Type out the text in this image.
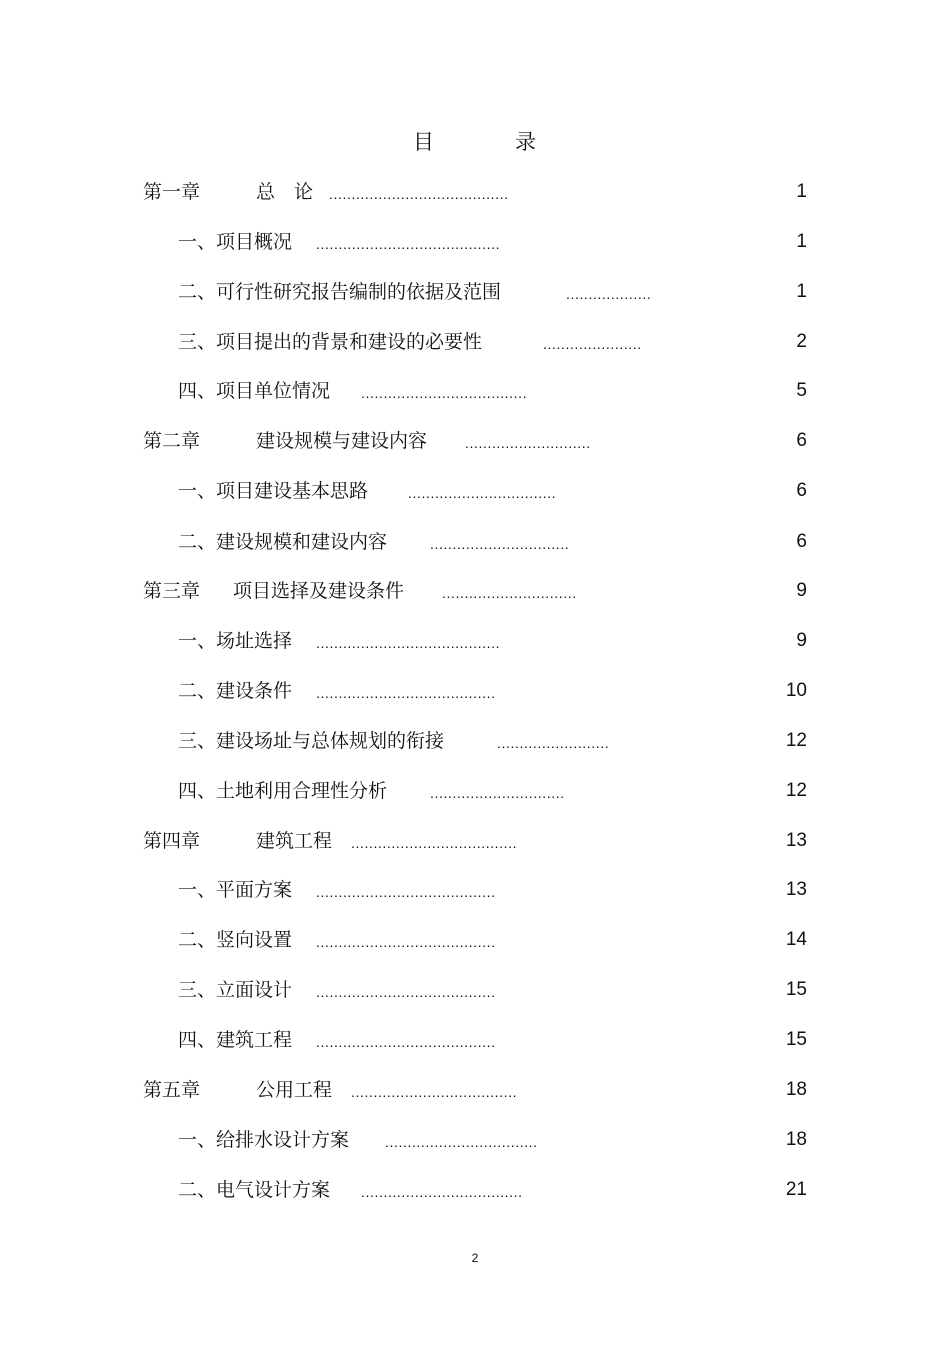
目	录
第一章	总　论 ........................................	1
一、项目概况 .........................................	1
二、可行性研究报告编制的依据及范围	...................	1
三、项目提出的背景和建设的必要性	......................	2
四、项目单位情况 .....................................	5
第二章	建设规模与建设内容	............................	6
一、项目建设基本思路	.................................	6
二、建设规模和建设内容	...............................	6
第三章 项目选择及建设条件	..............................	9
一、场址选择 .........................................	9
二、建设条件 ........................................	10
三、建设场址与总体规划的衔接	.........................	12
四、土地利用合理性分析	..............................	12
第四章	建筑工程 .....................................	13
一、平面方案 ........................................	13
二、竖向设置 ........................................	14
三、立面设计 ........................................	15
四、建筑工程 ........................................	15
第五章	公用工程 .....................................	18
一、给排水设计方案	..................................	18
二、电气设计方案 ....................................	21
2
